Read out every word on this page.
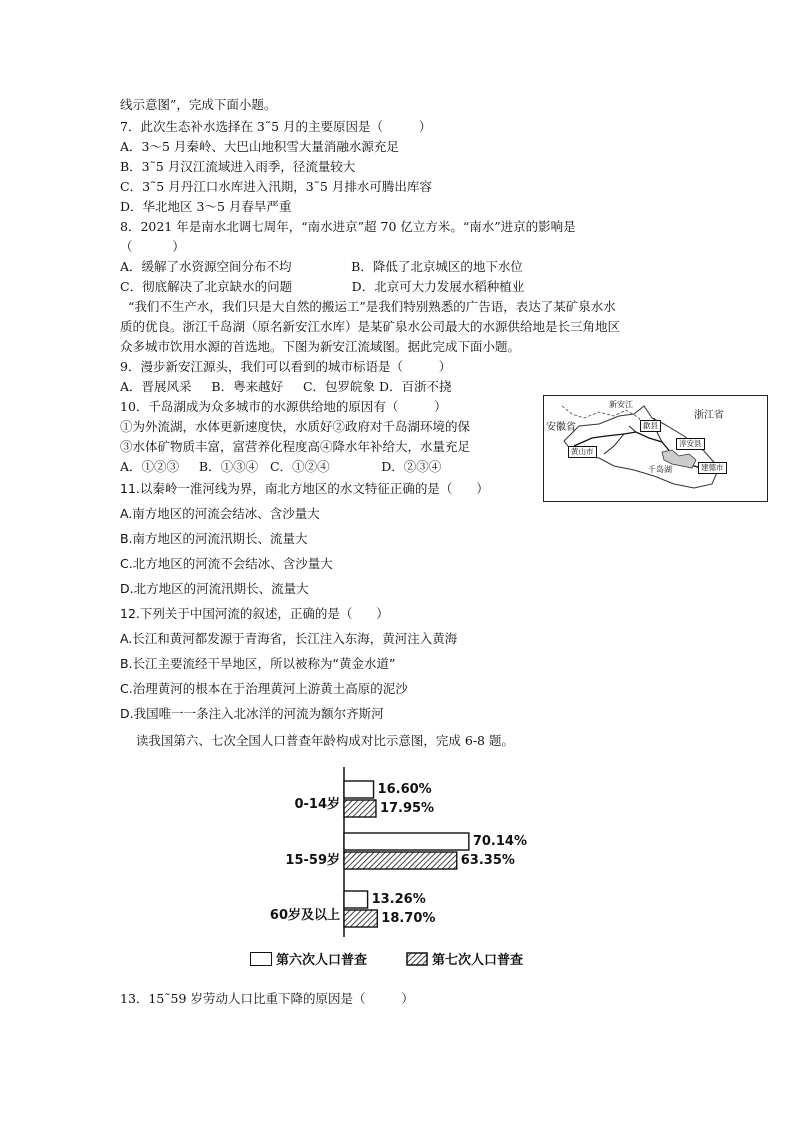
线示意图”，完成下面小题。
7．此次生态补水选择在 3˜5 月的主要原因是（         ）
A．3～5 月秦岭、大巴山地积雪大量消融水源充足
B．3˜5 月汉江流域进入雨季，径流量较大
C．3˜5 月丹江口水库进入汛期，3˜5 月排水可腾出库容
D．华北地区 3～5 月春旱严重
8．2021 年是南水北调七周年，“南水进京”超 70 亿立方米。“南水”进京的影响是
（          ）
A．缓解了水资源空间分布不均               B．降低了北京城区的地下水位
C．彻底解决了北京缺水的问题               D．北京可大力发展水稻种植业
“我们不生产水，我们只是大自然的搬运工”是我们特别熟悉的广告语，表达了某矿泉水水
质的优良。浙江千岛湖（原名新安江水库）是某矿泉水公司最大的水源供给地是长三角地区
众多城市饮用水源的首选地。下图为新安江流域图。据此完成下面小题。
9．漫步新安江源头，我们可以看到的城市标语是（         ）
A．晋展风采     B．粤来越好     C．包罗皖象 D．百浙不挠
10．千岛湖成为众多城市的水源供给地的原因有（         ）
①为外流湖，水体更新速度快，水质好②政府对千岛湖环境的保
③水体矿物质丰富，富营养化程度高④降水年补给大，水量充足
A．①②③     B．①③④   C．①②④             D．②③④
11.以秦岭一淮河线为界，南北方地区的水文特征正确的是（      ）
A.南方地区的河流会结冰、含沙量大
B.南方地区的河流汛期长、流量大
C.北方地区的河流不会结冰、含沙量大
D.北方地区的河流汛期长、流量大
12.下列关于中国河流的叙述，正确的是（      ）
A.长江和黄河都发源于青海省，长江注入东海，黄河注入黄海
B.长江主要流经干旱地区，所以被称为“黄金水道”
C.治理黄河的根本在于治理黄河上游黄土高原的泥沙
D.我国唯一一条注入北冰洋的河流为额尔齐斯河
读我国第六、七次全国人口普查年龄构成对比示意图，完成 6-8 题。
13．15˜59 岁劳动人口比重下降的原因是（         ）
新安江
浙江省
安徽省	歙县
黄山市
淳安县
千岛湖	建德市
0-14岁
15-59岁
60岁及以上
16.60%
17.95%
70.14%
63.35%
13.26%
18.70%
第六次人口普查	第七次人口普查
